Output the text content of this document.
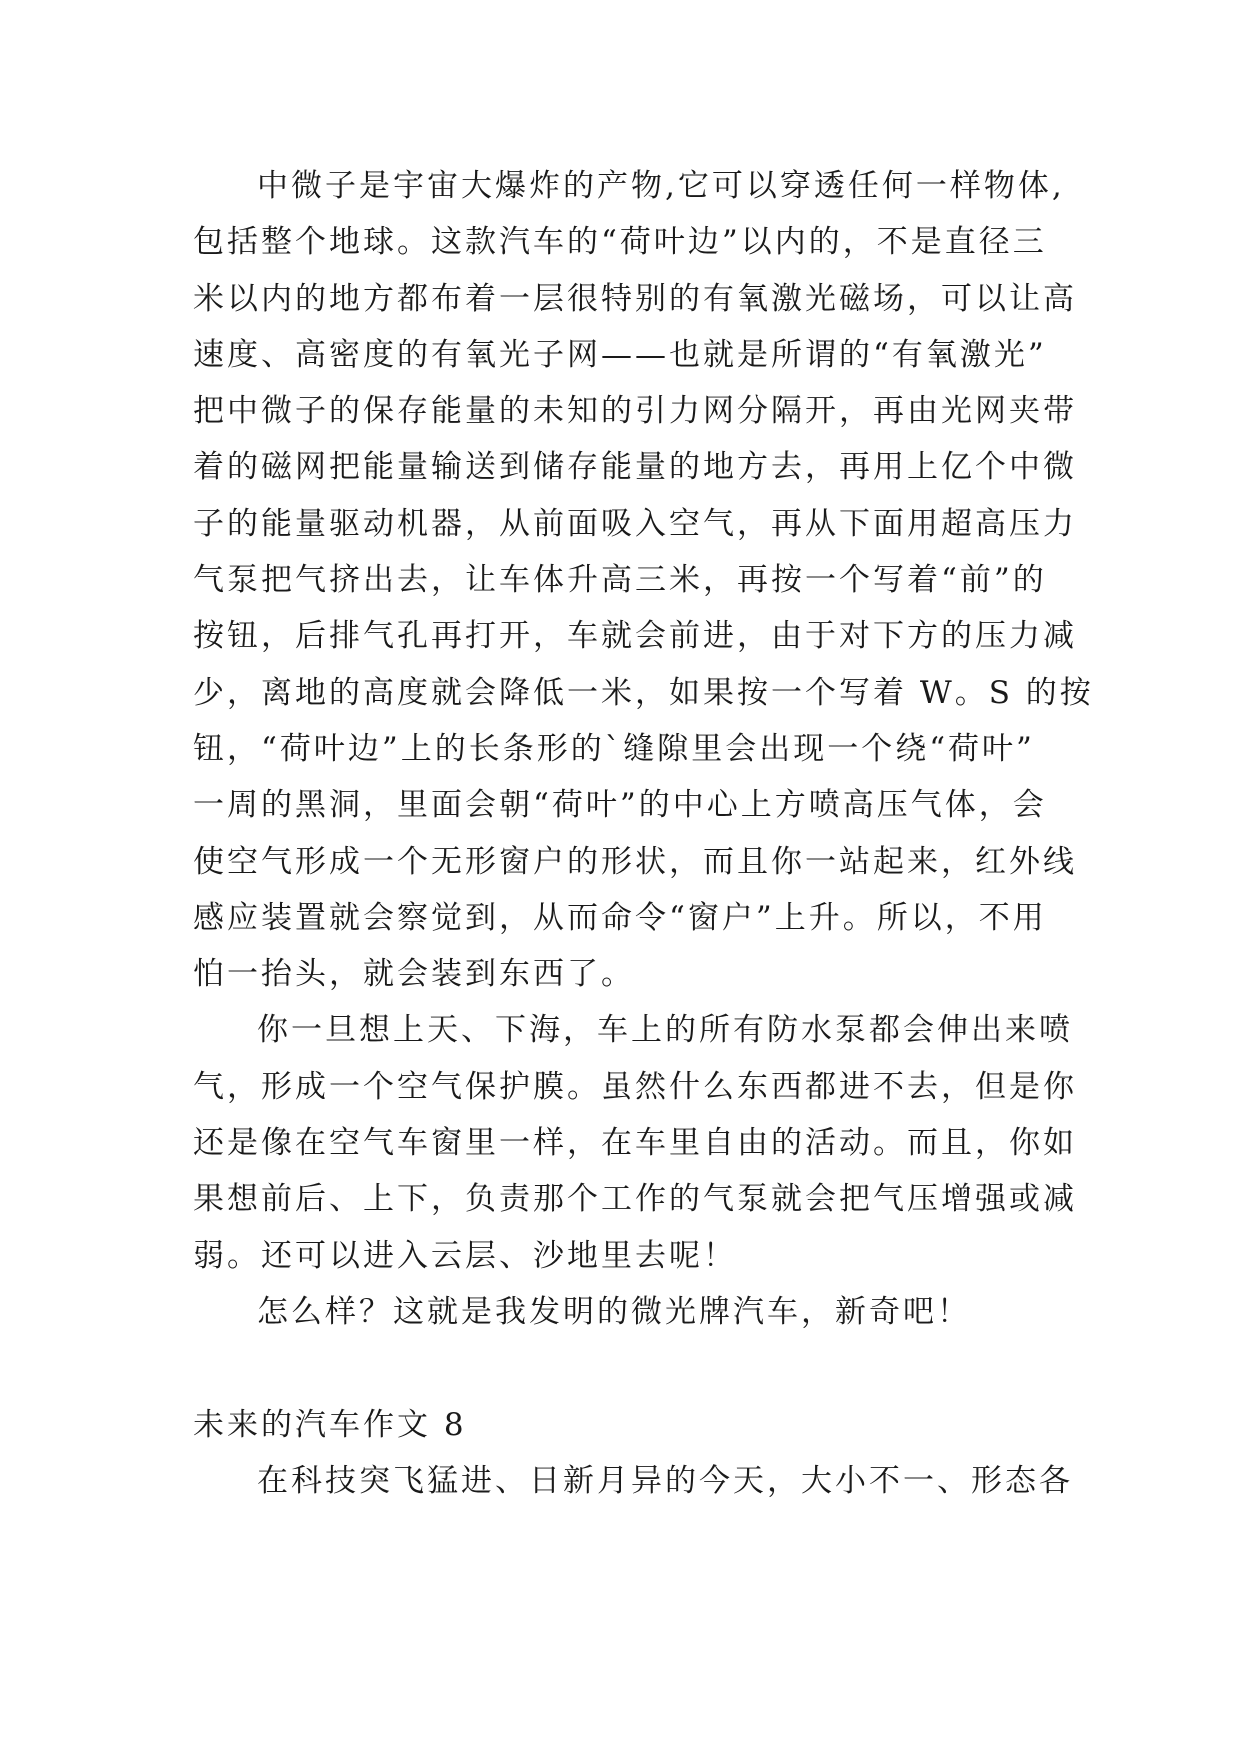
中微子是宇宙大爆炸的产物,它可以穿透任何一样物体,
包括整个地球。这款汽车的“荷叶边”以内的，不是直径三
米以内的地方都布着一层很特别的有氧激光磁场，可以让高
速度、高密度的有氧光子网——也就是所谓的“有氧激光”
把中微子的保存能量的未知的引力网分隔开，再由光网夹带
着的磁网把能量输送到储存能量的地方去，再用上亿个中微
子的能量驱动机器，从前面吸入空气，再从下面用超高压力
气泵把气挤出去，让车体升高三米，再按一个写着“前”的
按钮，后排气孔再打开，车就会前进，由于对下方的压力减
少，离地的高度就会降低一米，如果按一个写着 W。S 的按
钮，“荷叶边”上的长条形的`缝隙里会出现一个绕“荷叶”
一周的黑洞，里面会朝“荷叶”的中心上方喷高压气体，会
使空气形成一个无形窗户的形状，而且你一站起来，红外线
感应装置就会察觉到，从而命令“窗户”上升。所以，不用
怕一抬头，就会装到东西了。
你一旦想上天、下海，车上的所有防水泵都会伸出来喷
气，形成一个空气保护膜。虽然什么东西都进不去，但是你
还是像在空气车窗里一样，在车里自由的活动。而且，你如
果想前后、上下，负责那个工作的气泵就会把气压增强或减
弱。还可以进入云层、沙地里去呢！
怎么样？这就是我发明的微光牌汽车，新奇吧！
未来的汽车作文 8
在科技突飞猛进、日新月异的今天，大小不一、形态各
